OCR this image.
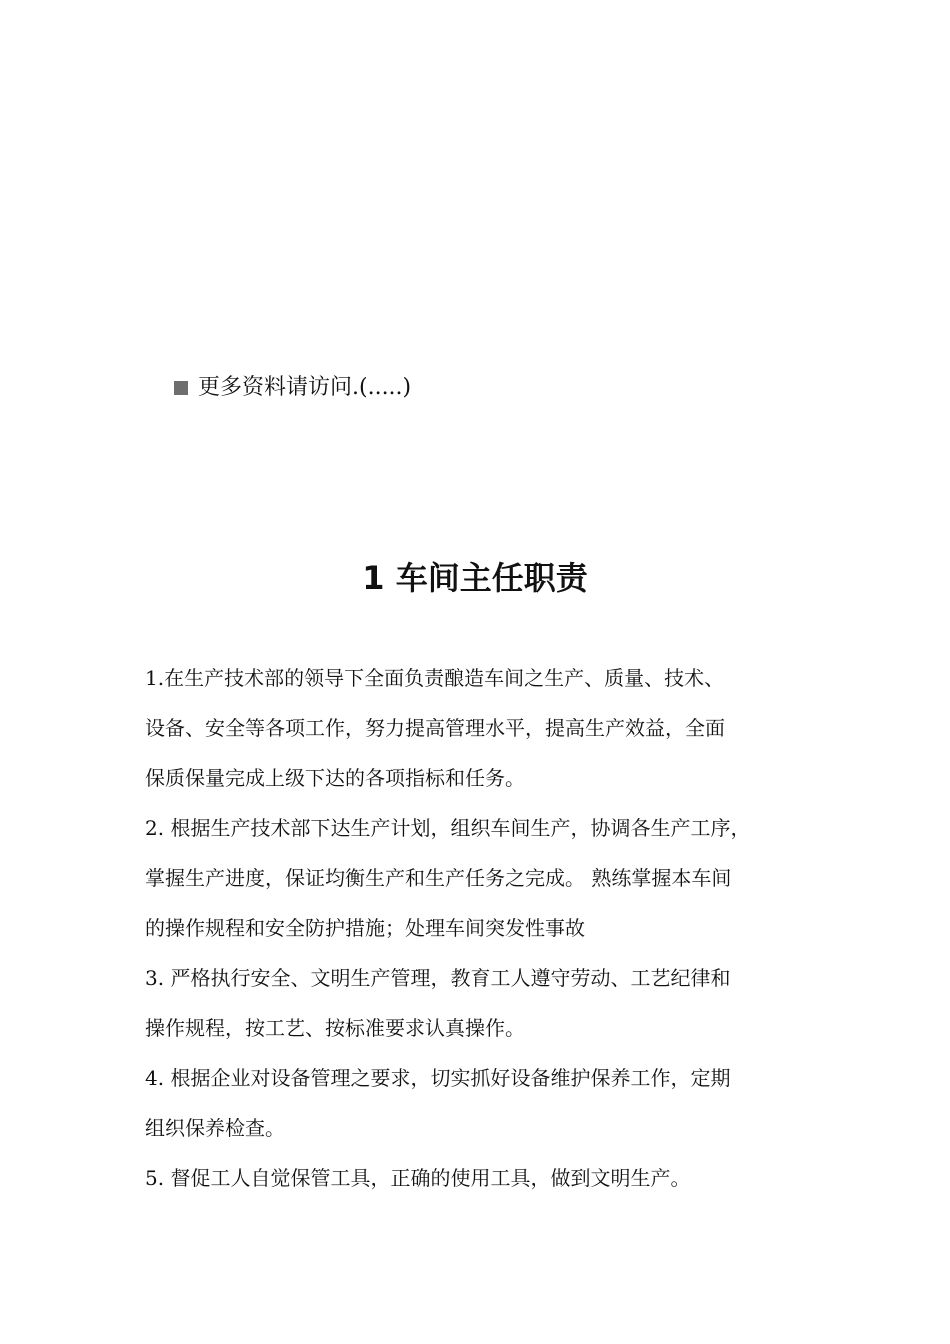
更多资料请访问.(.....)
1 车间主任职责
1.在生产技术部的领导下全面负责酿造车间之生产、质量、技术、
设备、安全等各项工作，努力提高管理水平，提高生产效益，全面
保质保量完成上级下达的各项指标和任务。
2. 根据生产技术部下达生产计划，组织车间生产，协调各生产工序，
掌握生产进度，保证均衡生产和生产任务之完成。 熟练掌握本车间
的操作规程和安全防护措施；处理车间突发性事故
3. 严格执行安全、文明生产管理，教育工人遵守劳动、工艺纪律和
操作规程，按工艺、按标准要求认真操作。
4. 根据企业对设备管理之要求，切实抓好设备维护保养工作，定期
组织保养检查。
5. 督促工人自觉保管工具，正确的使用工具，做到文明生产。
